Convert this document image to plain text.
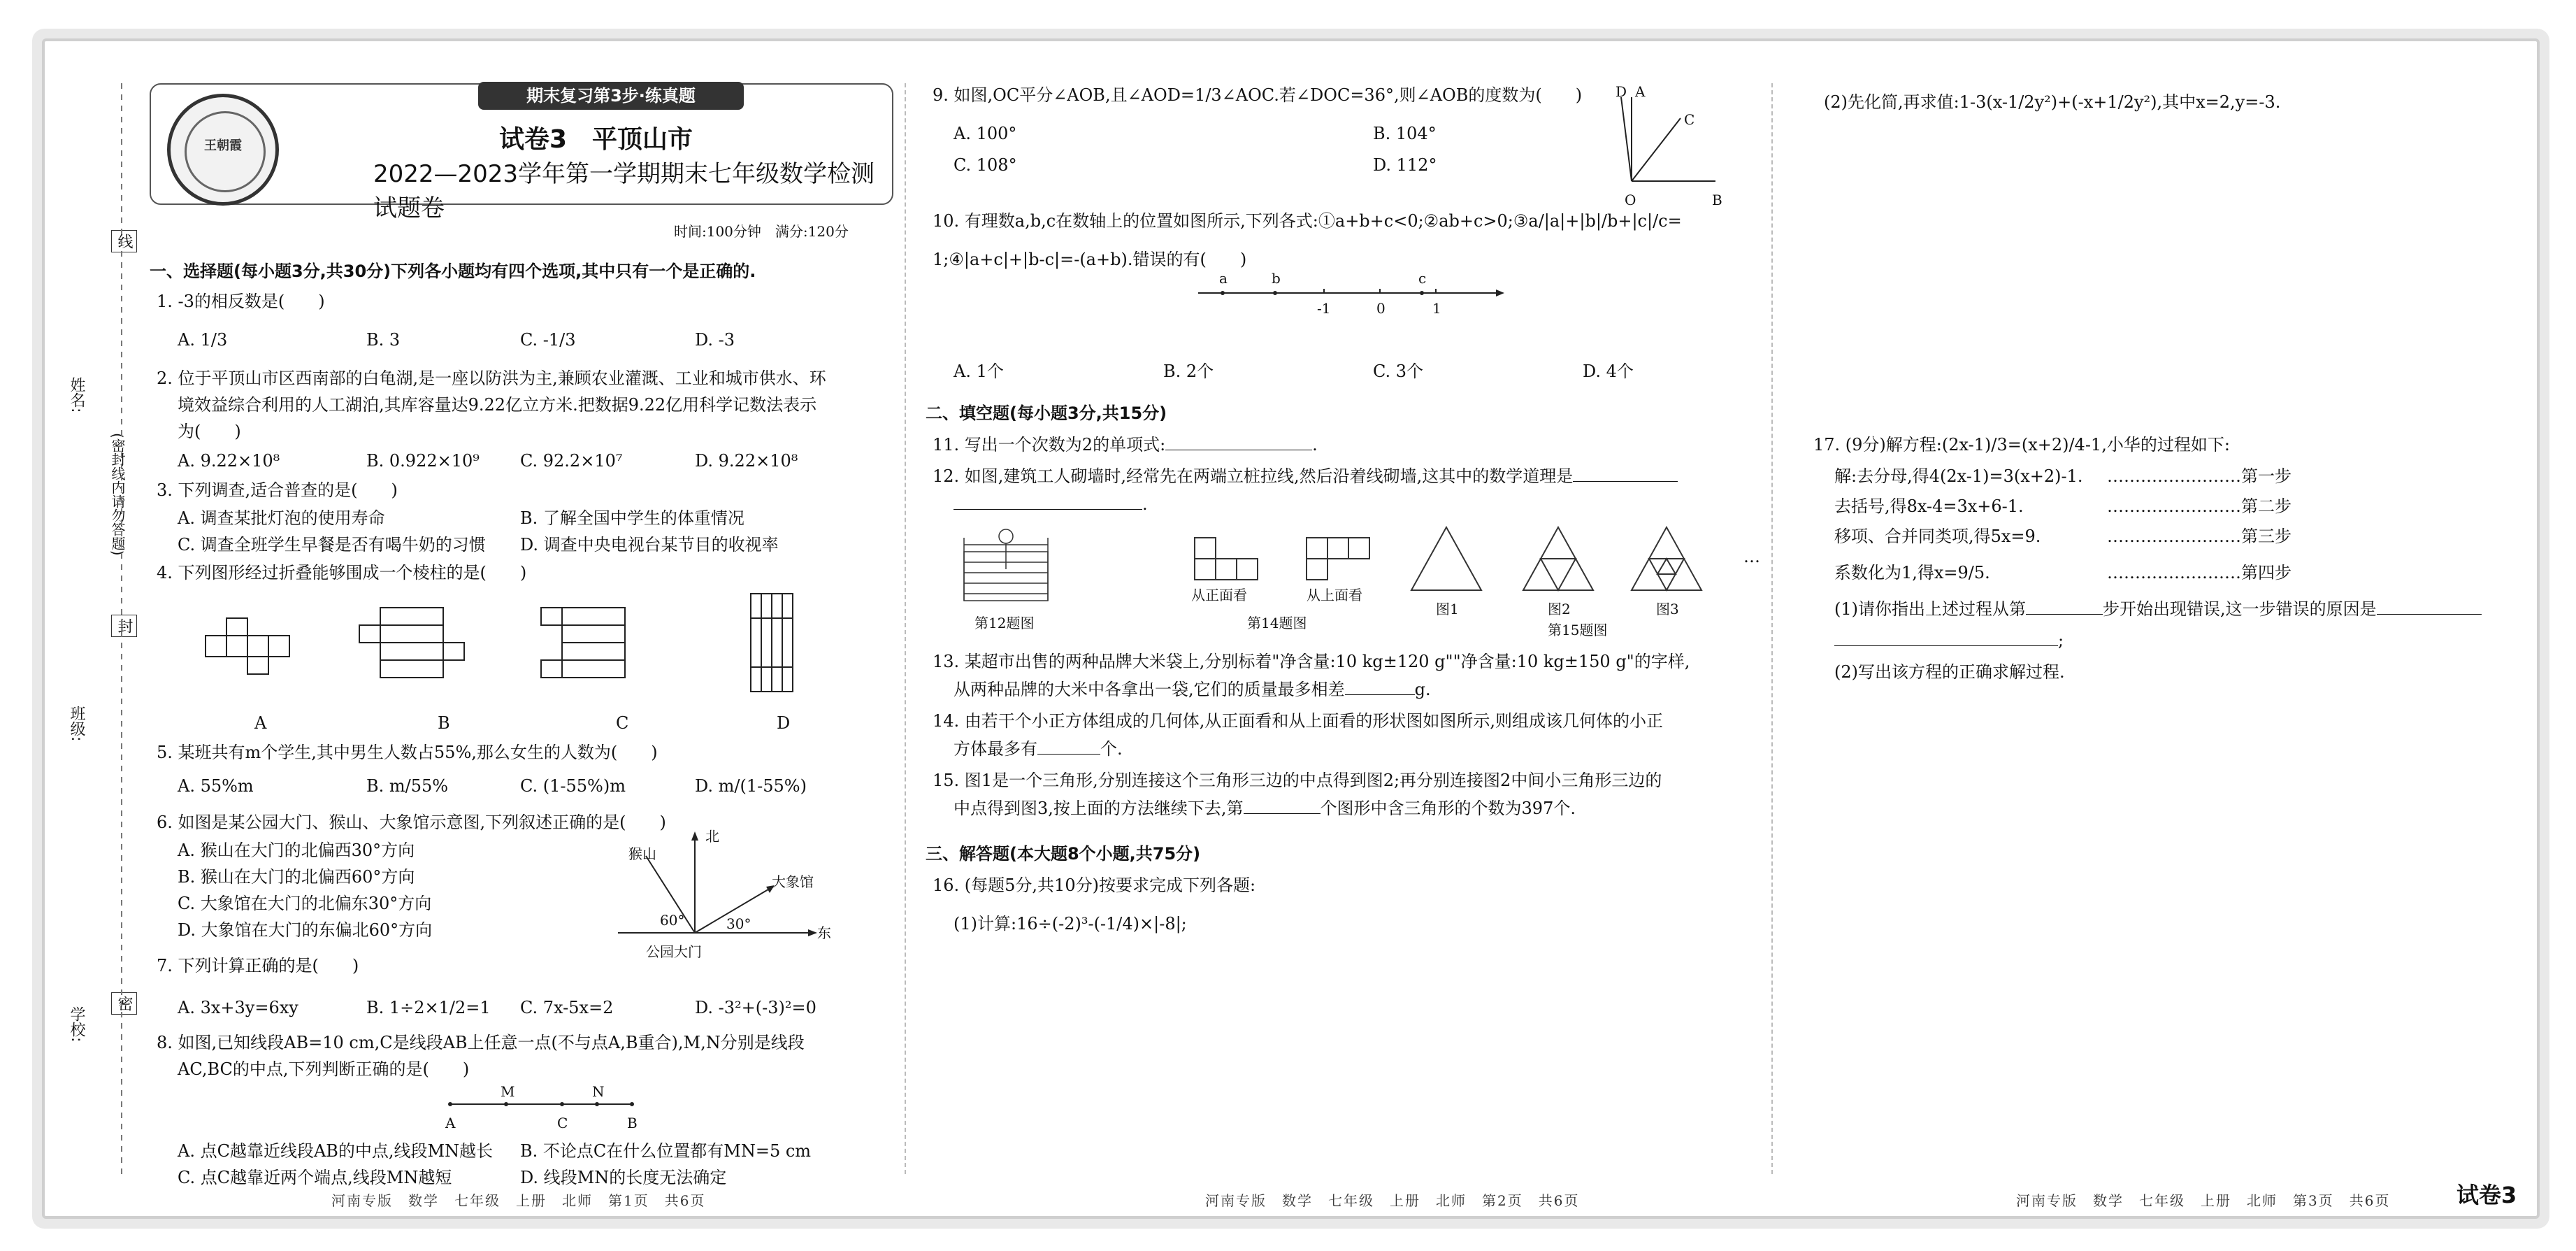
姓名:
(密封线内请勿答题)
班级:
学校:
线
封
密
期末复习第3步·练真题
王朝霞	试卷3　平顶山市
2022—2023学年第一学期期末七年级数学检测试题卷
时间:100分钟　满分:120分
一、选择题(每小题3分,共30分)下列各小题均有四个选项,其中只有一个是正确的.
1. -3的相反数是(　　)
A. 1/3	B. 3	C. -1/3	D. -3
2. 位于平顶山市区西南部的白龟湖,是一座以防洪为主,兼顾农业灌溉、工业和城市供水、环
境效益综合利用的人工湖泊,其库容量达9.22亿立方米.把数据9.22亿用科学记数法表示
为(　　)
A. 9.22×10⁸	B. 0.922×10⁹ C. 92.2×10⁷	D. 9.22×10⁸
3. 下列调查,适合普查的是(　　)
A. 调查某批灯泡的使用寿命	B. 了解全国中学生的体重情况
C. 调查全班学生早餐是否有喝牛奶的习惯 D. 调查中央电视台某节目的收视率
4. 下列图形经过折叠能够围成一个棱柱的是(　　)
A	B	C	D
5. 某班共有m个学生,其中男生人数占55%,那么女生的人数为(　　)
A. 55%m	B. m/55%	C. (1-55%)m	D. m/(1-55%)
6. 如图是某公园大门、猴山、大象馆示意图,下列叙述正确的是(　　)
A. 猴山在大门的北偏西30°方向
B. 猴山在大门的北偏西60°方向
C. 大象馆在大门的北偏东30°方向
D. 大象馆在大门的东偏北60°方向
北
猴山
大象馆
东
公园大门
60°	30°
7. 下列计算正确的是(　　)
A. 3x+3y=6xy	B. 1÷2×1/2=1 C. 7x-5x=2	D. -3²+(-3)²=0
8. 如图,已知线段AB=10 cm,C是线段AB上任意一点(不与点A,B重合),M,N分别是线段
AC,BC的中点,下列判断正确的是(　　)
A
M
C
N
B
A. 点C越靠近线段AB的中点,线段MN越长 B. 不论点C在什么位置都有MN=5 cm
C. 点C越靠近两个端点,线段MN越短	D. 线段MN的长度无法确定
河南专版　数学　七年级　上册　北师　第1页　共6页
9. 如图,OC平分∠AOB,且∠AOD=1/3∠AOC.若∠DOC=36°,则∠AOB的度数为(　　)
A. 100°	B. 104°
C. 108°	D. 112°
D A
C
O	B
10. 有理数a,b,c在数轴上的位置如图所示,下列各式:①a+b+c<0;②ab+c>0;③a/|a|+|b|/b+|c|/c=
1;④|a+c|+|b-c|=-(a+b).错误的有(　　)
a	b	c
-1	0	1
A. 1个	B. 2个	C. 3个	D. 4个
二、填空题(每小题3分,共15分)
11. 写出一个次数为2的单项式:	.
12. 如图,建筑工人砌墙时,经常先在两端立桩拉线,然后沿着线砌墙,这其中的数学道理是
.
第12题图
从正面看	从上面看
第14题图
…
图1	图2	图3
第15题图
13. 某超市出售的两种品牌大米袋上,分别标着"净含量:10 kg±120 g""净含量:10 kg±150 g"的字样,
从两种品牌的大米中各拿出一袋,它们的质量最多相差	g.
14. 由若干个小正方体组成的几何体,从正面看和从上面看的形状图如图所示,则组成该几何体的小正
方体最多有	个.
15. 图1是一个三角形,分别连接这个三角形三边的中点得到图2;再分别连接图2中间小三角形三边的
中点得到图3,按上面的方法继续下去,第	个图形中含三角形的个数为397个.
三、解答题(本大题8个小题,共75分)
16. (每题5分,共10分)按要求完成下列各题:
(1)计算:16÷(-2)³-(-1/4)×|-8|;
河南专版　数学　七年级　上册　北师　第2页　共6页
(2)先化简,再求值:1-3(x-1/2y²)+(-x+1/2y²),其中x=2,y=-3.
17. (9分)解方程:(2x-1)/3=(x+2)/4-1,小华的过程如下:
解:去分母,得4(2x-1)=3(x+2)-1. ……………………第一步
去括号,得8x-4=3x+6-1.	……………………第二步
移项、合并同类项,得5x=9.	……………………第三步
系数化为1,得x=9/5.	……………………第四步
(1)请你指出上述过程从第	步开始出现错误,这一步错误的原因是
;
(2)写出该方程的正确求解过程.
河南专版　数学　七年级　上册　北师　第3页　共6页	试卷3
